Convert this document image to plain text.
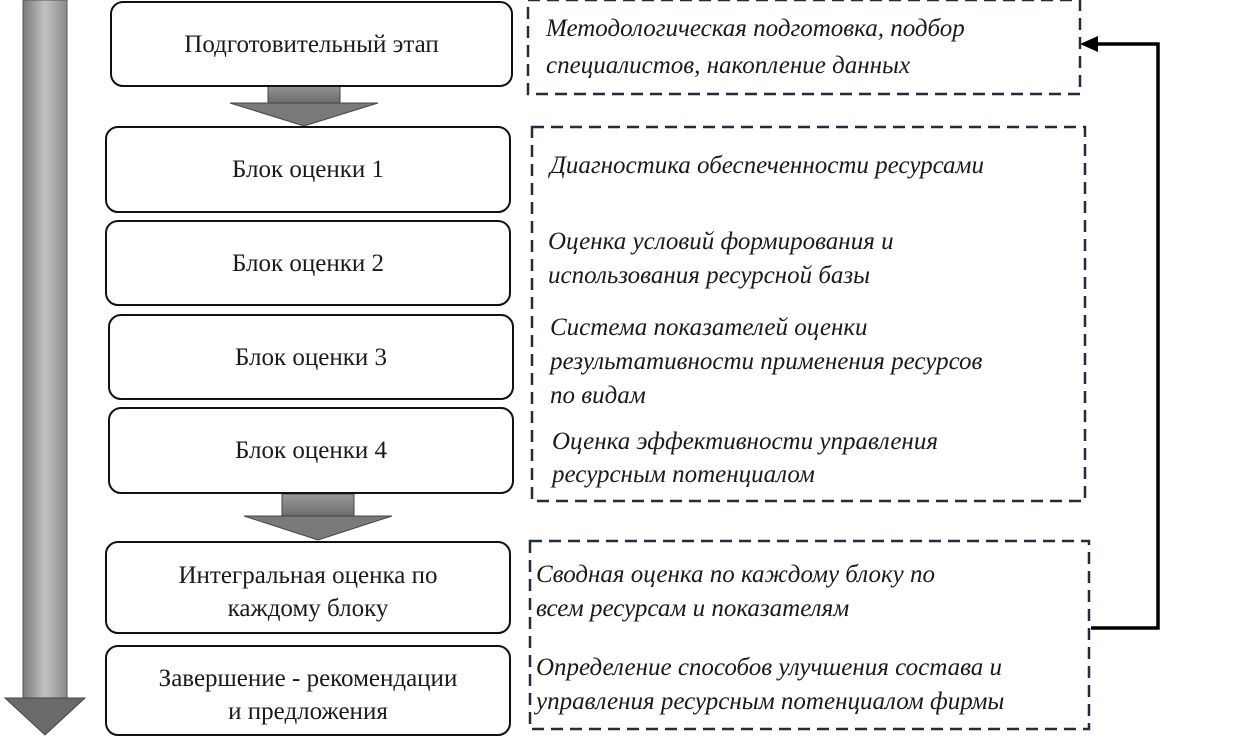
Подготовительный этап
Блок оценки 1
Блок оценки 2
Блок оценки 3
Блок оценки 4
Интегральная оценка по
каждому блоку
Завершение - рекомендации
и предложения
Методологическая подготовка, подбор
специалистов, накопление данных
Диагностика обеспеченности ресурсами
Оценка условий формирования и
использования ресурсной базы
Система показателей оценки
результативности применения ресурсов
по видам
Оценка эффективности управления
ресурсным потенциалом
Сводная оценка по каждому блоку по
всем ресурсам и показателям
Определение способов улучшения состава и
управления ресурсным потенциалом фирмы
